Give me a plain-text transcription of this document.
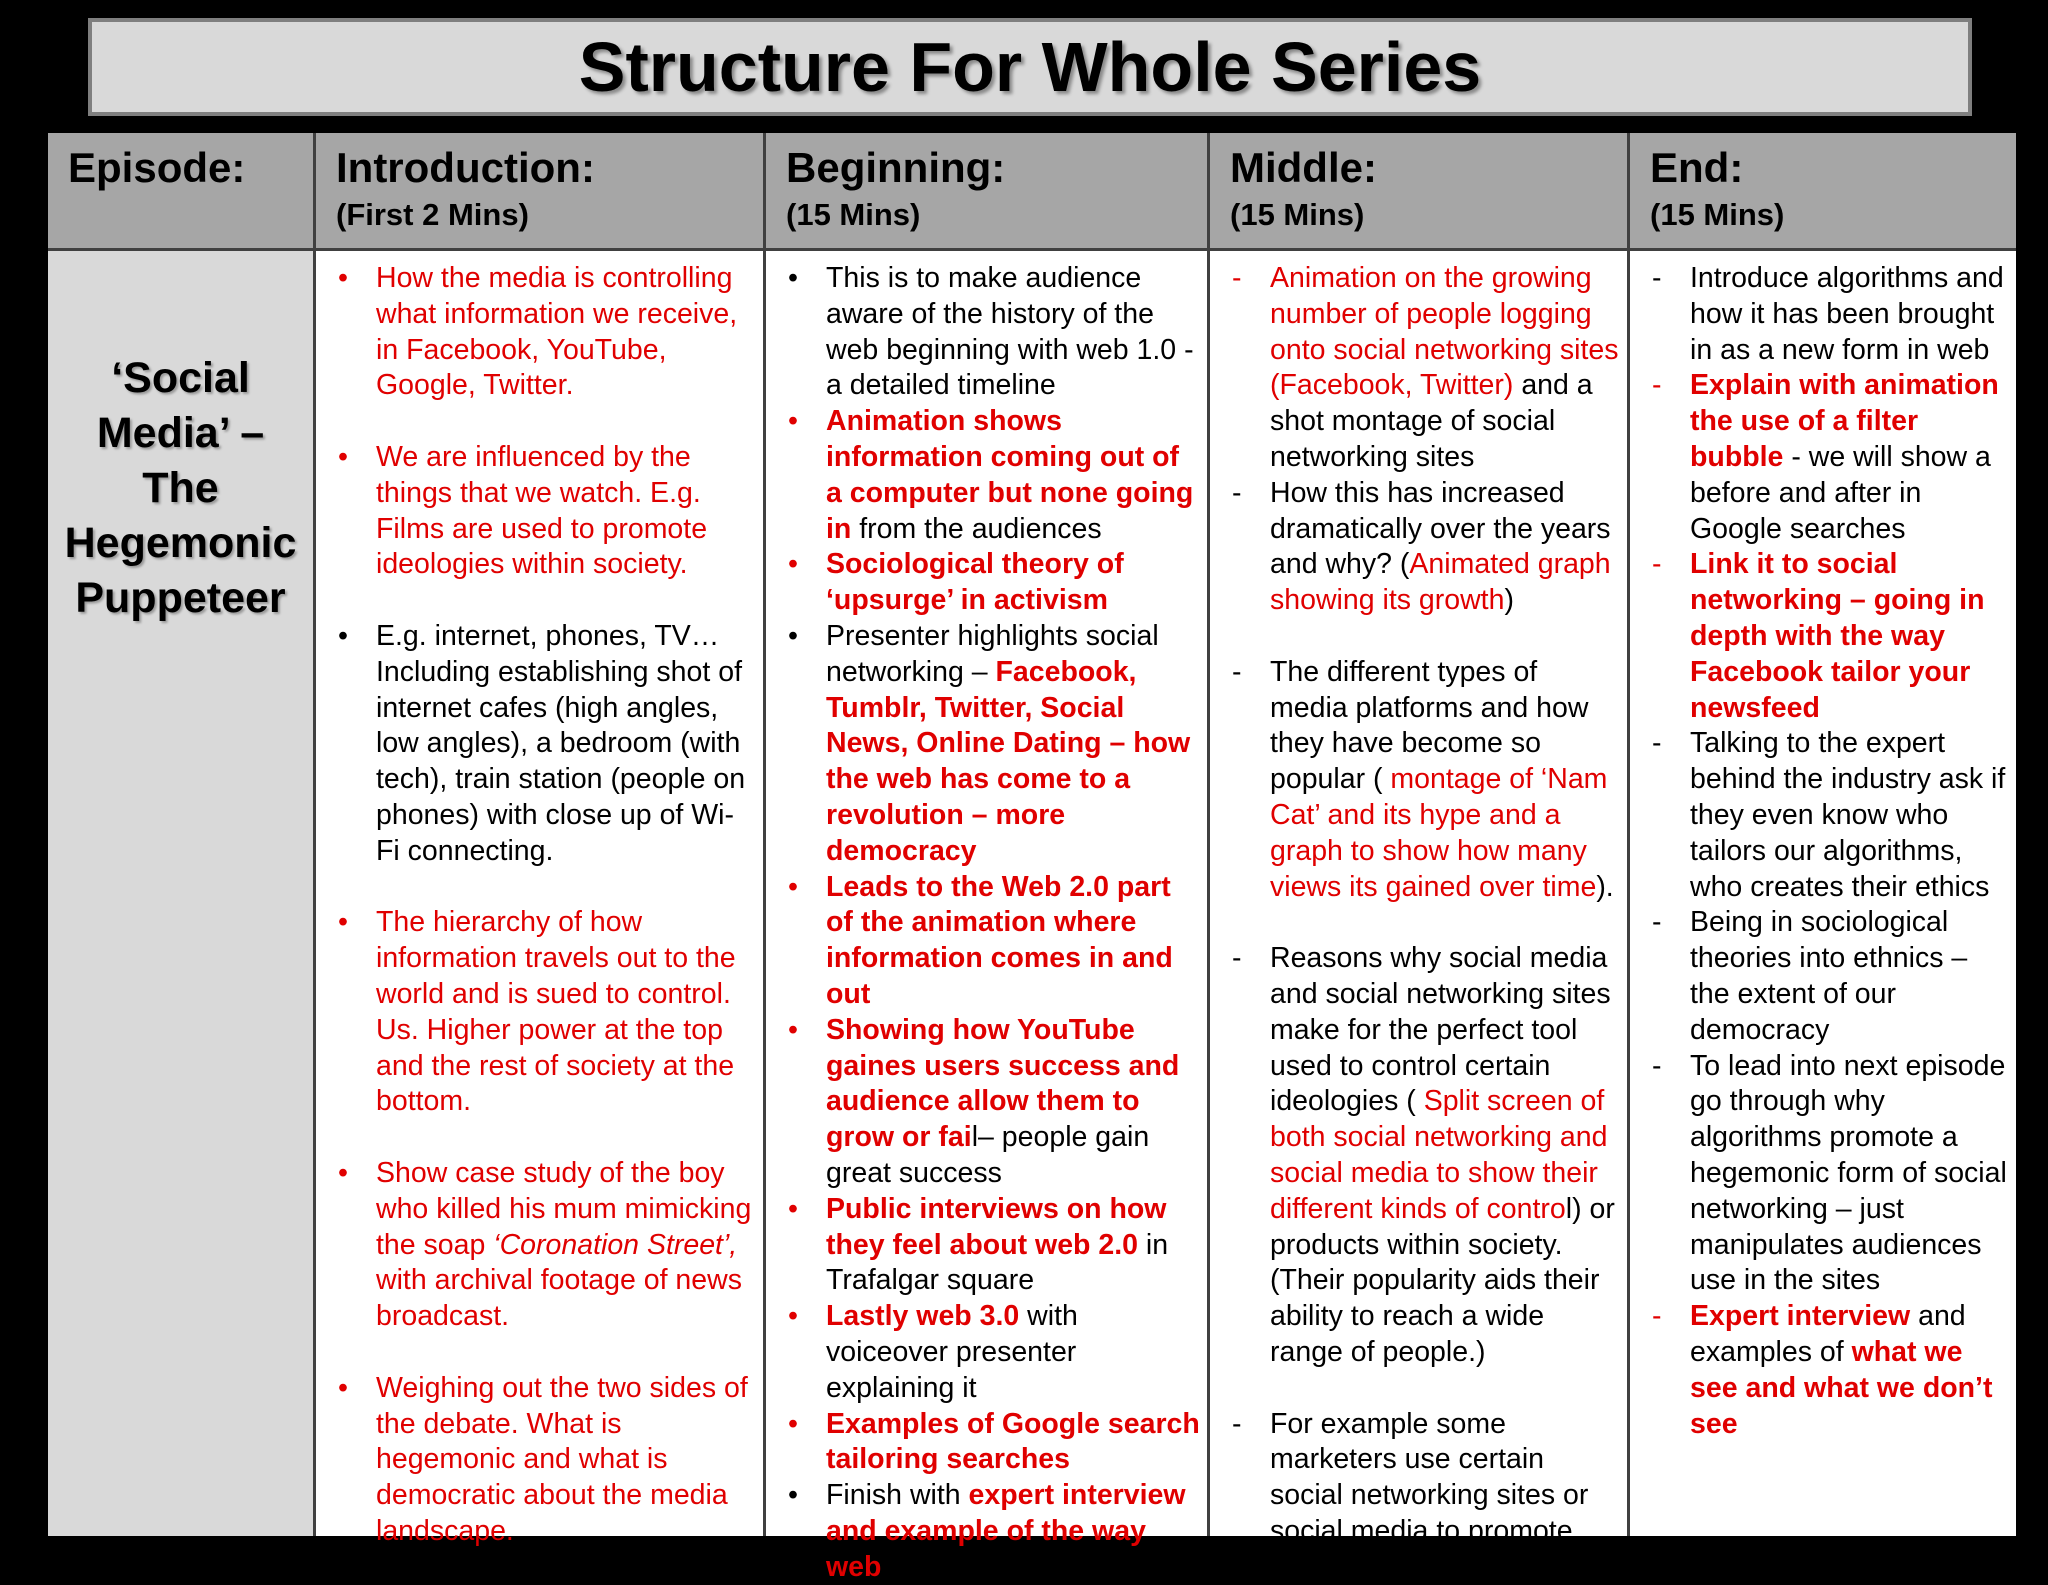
Structure For Whole Series
Episode:	Introduction:
(First 2 Mins)
Beginning:
(15 Mins)
Middle:
(15 Mins)
End:
(15 Mins)
‘Social
Media’ –
The
Hegemonic
Puppeteer
• How the media is controlling what information we receive, in Facebook, YouTube, Google, Twitter.
• We are influenced by the things that we watch. E.g. Films are used to promote ideologies within society.
• E.g. internet, phones, TV… Including establishing shot of internet cafes (high angles, low angles), a bedroom (with tech), train station (people on phones) with close up of Wi-Fi connecting.
• The hierarchy of how information travels out to the world and is sued to control. Us. Higher power at the top and the rest of society at the bottom.
• Show case study of the boy who killed his mum mimicking the soap ‘Coronation Street’, with archival footage of news broadcast.
• Weighing out the two sides of the debate. What is hegemonic and what is democratic about the media landscape.
• This is to make audience aware of the history of the web beginning with web 1.0 - a detailed timeline
• Animation shows information coming out of a computer but none going in from the audiences
• Sociological theory of ‘upsurge’ in activism
• Presenter highlights social networking – Facebook, Tumblr, Twitter, Social News, Online Dating – how the web has come to a revolution – more democracy
• Leads to the Web 2.0 part of the animation where information comes in and out
• Showing how YouTube gaines users success and audience allow them to grow or fail– people gain great success
• Public interviews on how they feel about web 2.0 in Trafalgar square
• Lastly web 3.0 with voiceover presenter explaining it
• Examples of Google search tailoring searches
• Finish with expert interview and example of the way web
- Animation on the growing number of people logging onto social networking sites (Facebook, Twitter) and a shot montage of social networking sites
- How this has increased dramatically over the years and why? (Animated graph showing its growth)
- The different types of media platforms and how they have become so popular ( montage of ‘Nam Cat’ and its hype and a graph to show how many views its gained over time).
- Reasons why social media and social networking sites make for the perfect tool used to control certain ideologies ( Split screen of both social networking and social media to show their different kinds of control) or products within society. (Their popularity aids their ability to reach a wide range of people.)
- For example some marketers use certain social networking sites or social media to promote their
- Introduce algorithms and how it has been brought in as a new form in web
- Explain with animation the use of a filter bubble - we will show a before and after in Google searches
- Link it to social networking – going in depth with the way Facebook tailor your newsfeed
- Talking to the expert behind the industry ask if they even know who tailors our algorithms, who creates their ethics
- Being in sociological theories into ethnics – the extent of our democracy
- To lead into next episode go through why algorithms promote a hegemonic form of social networking – just manipulates audiences use in the sites
- Expert interview and examples of what we see and what we don’t see
